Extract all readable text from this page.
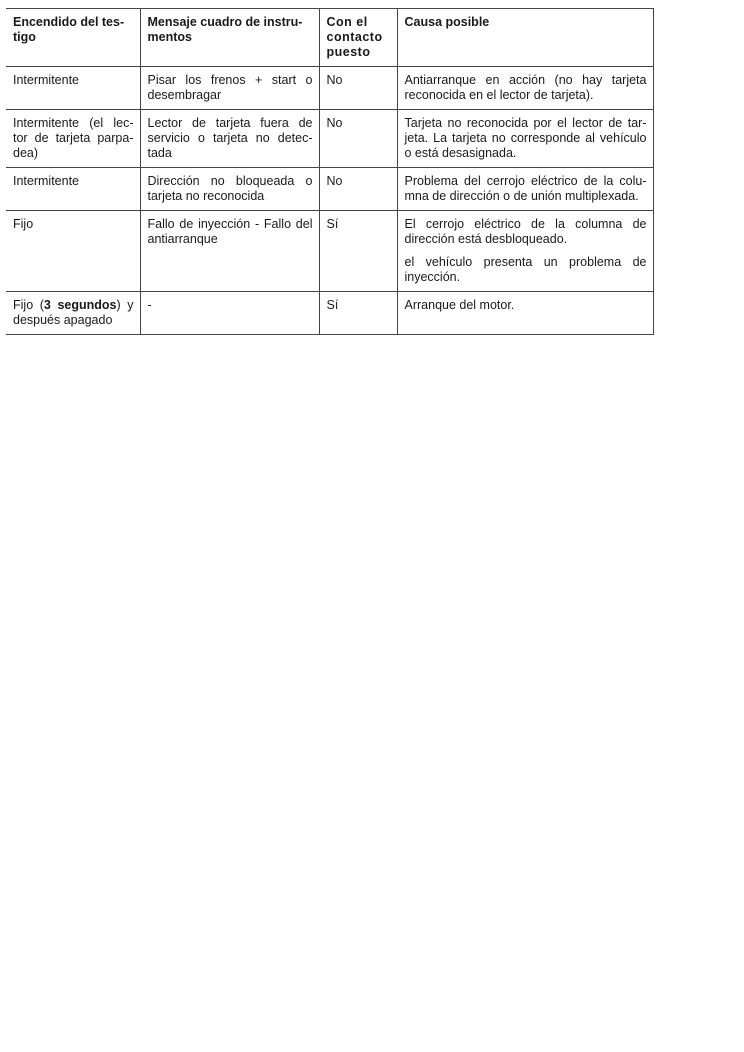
Encendido del tes-tigo	Mensaje cuadro de instru-mentos	Con el contacto puesto	Causa posible
Intermitente	Pisar los frenos + start o desembragar	No	Antiarranque en acción (no hay tarjeta reconocida en el lector de tarjeta).

Intermitente (el lec-tor de tarjeta parpa-dea)	Lector de tarjeta fuera de servicio o tarjeta no detec-tada	No	Tarjeta no reconocida por el lector de tar-jeta. La tarjeta no corresponde al vehículo o está desasignada.

Intermitente	Dirección no bloqueada o tarjeta no reconocida	No	Problema del cerrojo eléctrico de la colu-mna de dirección o de unión multiplexada.

Fijo	Fallo de inyección - Fallo del antiarranque	Sí	El cerrojo eléctrico de la columna de dirección está desbloqueado.
el vehículo presenta un problema de inyección.

Fijo (3 segundos) y después apagado	-	Sí	Arranque del motor.
